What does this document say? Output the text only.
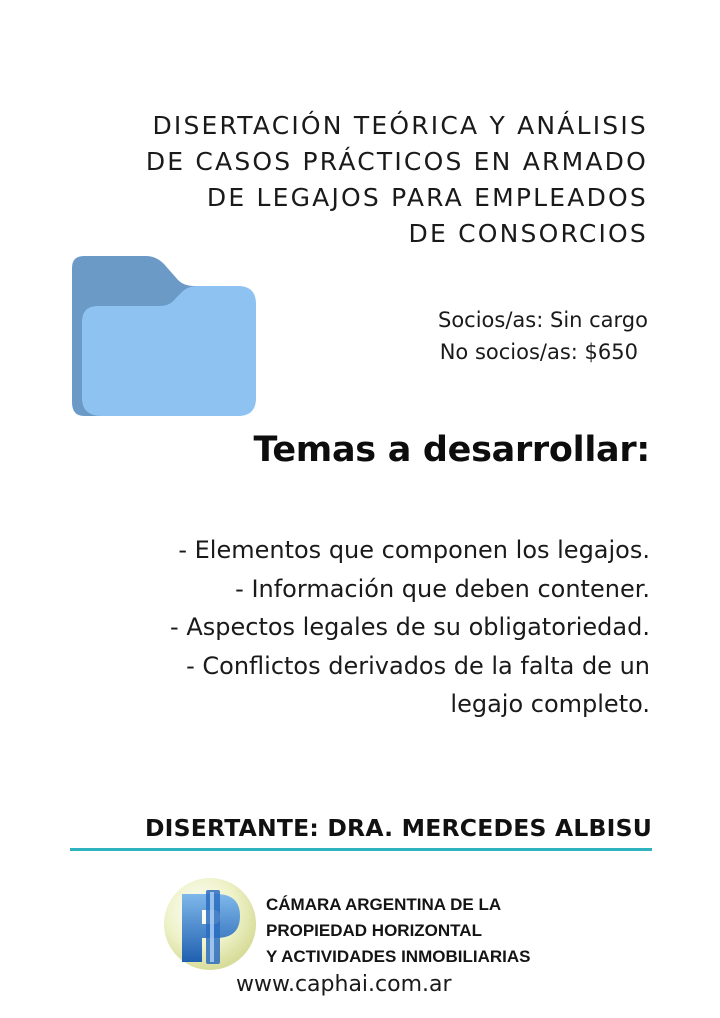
DISERTACIÓN TEÓRICA Y ANÁLISIS
DE CASOS PRÁCTICOS EN ARMADO
DE LEGAJOS PARA EMPLEADOS
DE CONSORCIOS
Socios/as: Sin cargo
No socios/as: $650
Temas a desarrollar:
- Elementos que componen los legajos.
- Información que deben contener.
- Aspectos legales de su obligatoriedad.
- Conflictos derivados de la falta de un
legajo completo.
DISERTANTE: DRA. MERCEDES ALBISU
CÁMARA ARGENTINA DE LA
PROPIEDAD HORIZONTAL
Y ACTIVIDADES INMOBILIARIAS
www.caphai.com.ar
